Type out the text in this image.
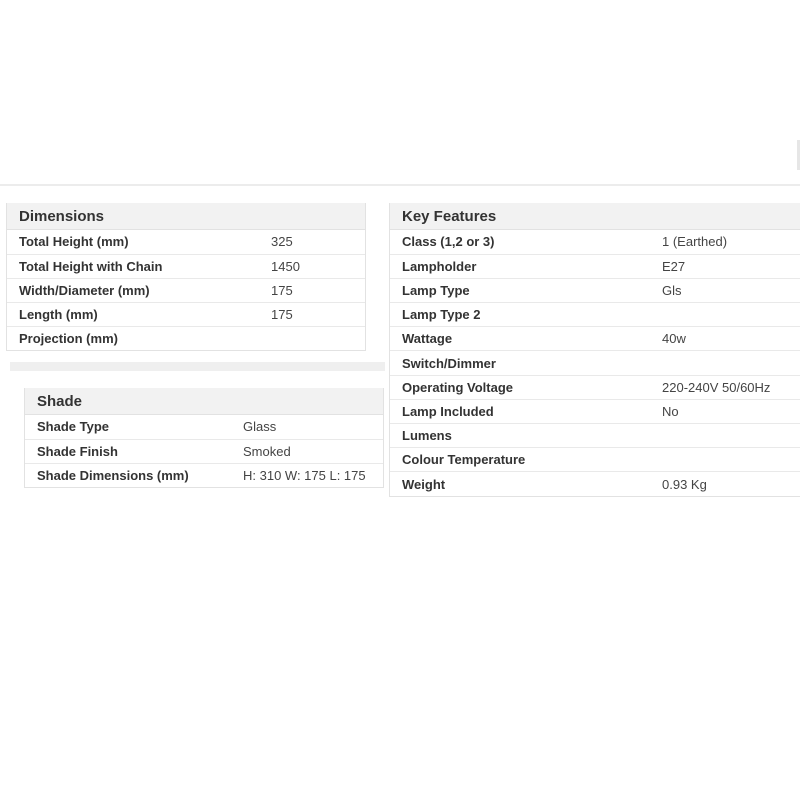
Dimensions
Total Height (mm)	325
Total Height with Chain	1450
Width/Diameter (mm)	175
Length (mm)	175
Projection (mm)	
Shade
Shade Type	Glass
Shade Finish	Smoked
Shade Dimensions (mm)	H: 310 W: 175 L: 175
Key Features
Class (1,2 or 3)	1 (Earthed)
Lampholder	E27
Lamp Type	Gls
Lamp Type 2	
Wattage	40w
Switch/Dimmer	
Operating Voltage	220-240V 50/60Hz
Lamp Included	No
Lumens	
Colour Temperature	
Weight	0.93 Kg
